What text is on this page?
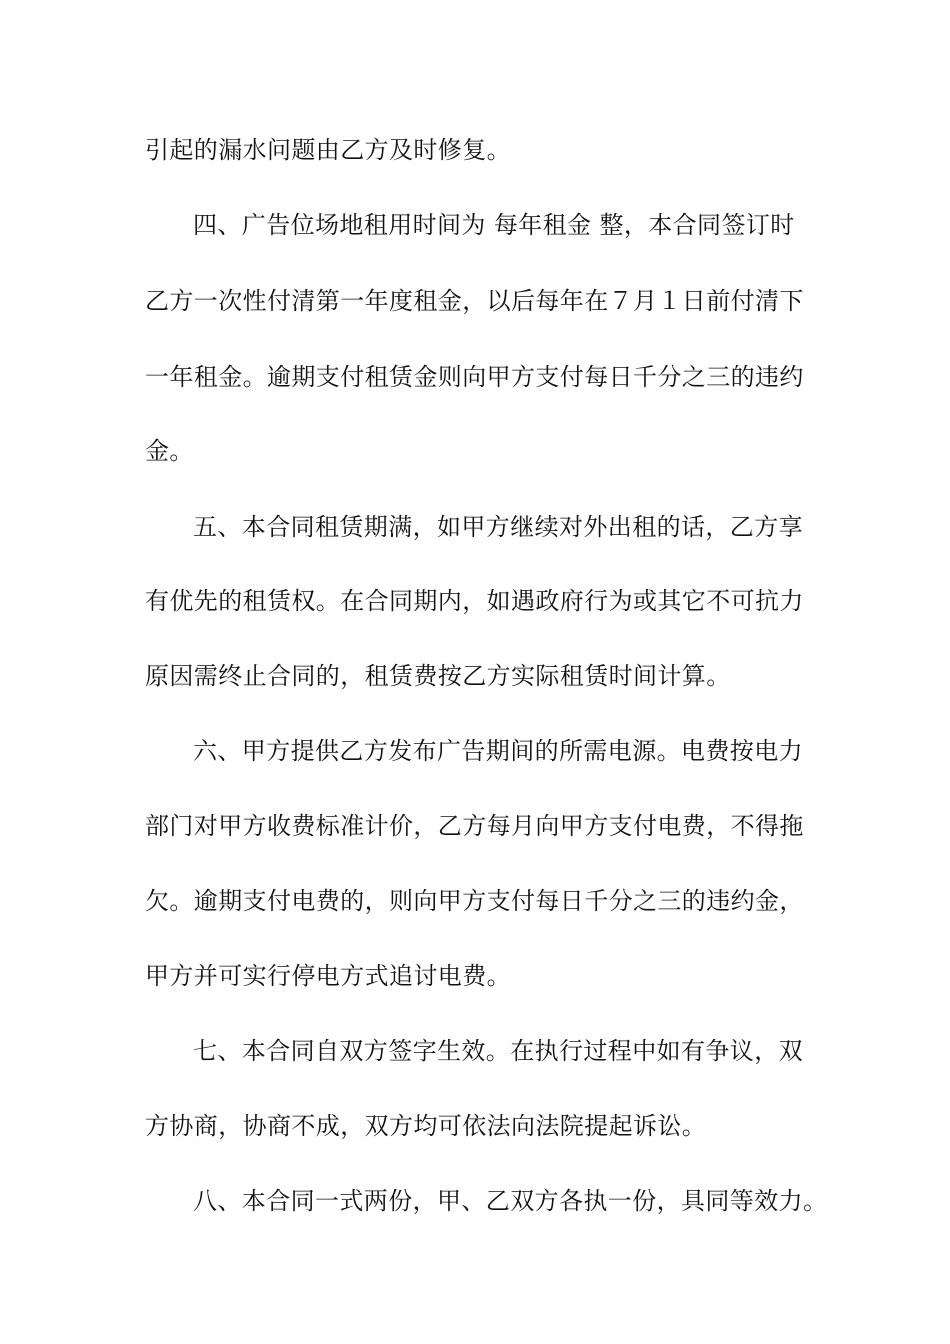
引起的漏水问题由乙方及时修复。
四、广告位场地租用时间为 每年租金 整，本合同签订时
乙方一次性付清第一年度租金，以后每年在７月１日前付清下
一年租金。逾期支付租赁金则向甲方支付每日千分之三的违约
金。
五、本合同租赁期满，如甲方继续对外出租的话，乙方享
有优先的租赁权。在合同期内，如遇政府行为或其它不可抗力
原因需终止合同的，租赁费按乙方实际租赁时间计算。
六、甲方提供乙方发布广告期间的所需电源。电费按电力
部门对甲方收费标准计价，乙方每月向甲方支付电费，不得拖
欠。逾期支付电费的，则向甲方支付每日千分之三的违约金，
甲方并可实行停电方式追讨电费。
七、本合同自双方签字生效。在执行过程中如有争议，双
方协商，协商不成，双方均可依法向法院提起诉讼。
八、本合同一式两份，甲、乙双方各执一份，具同等效力。
